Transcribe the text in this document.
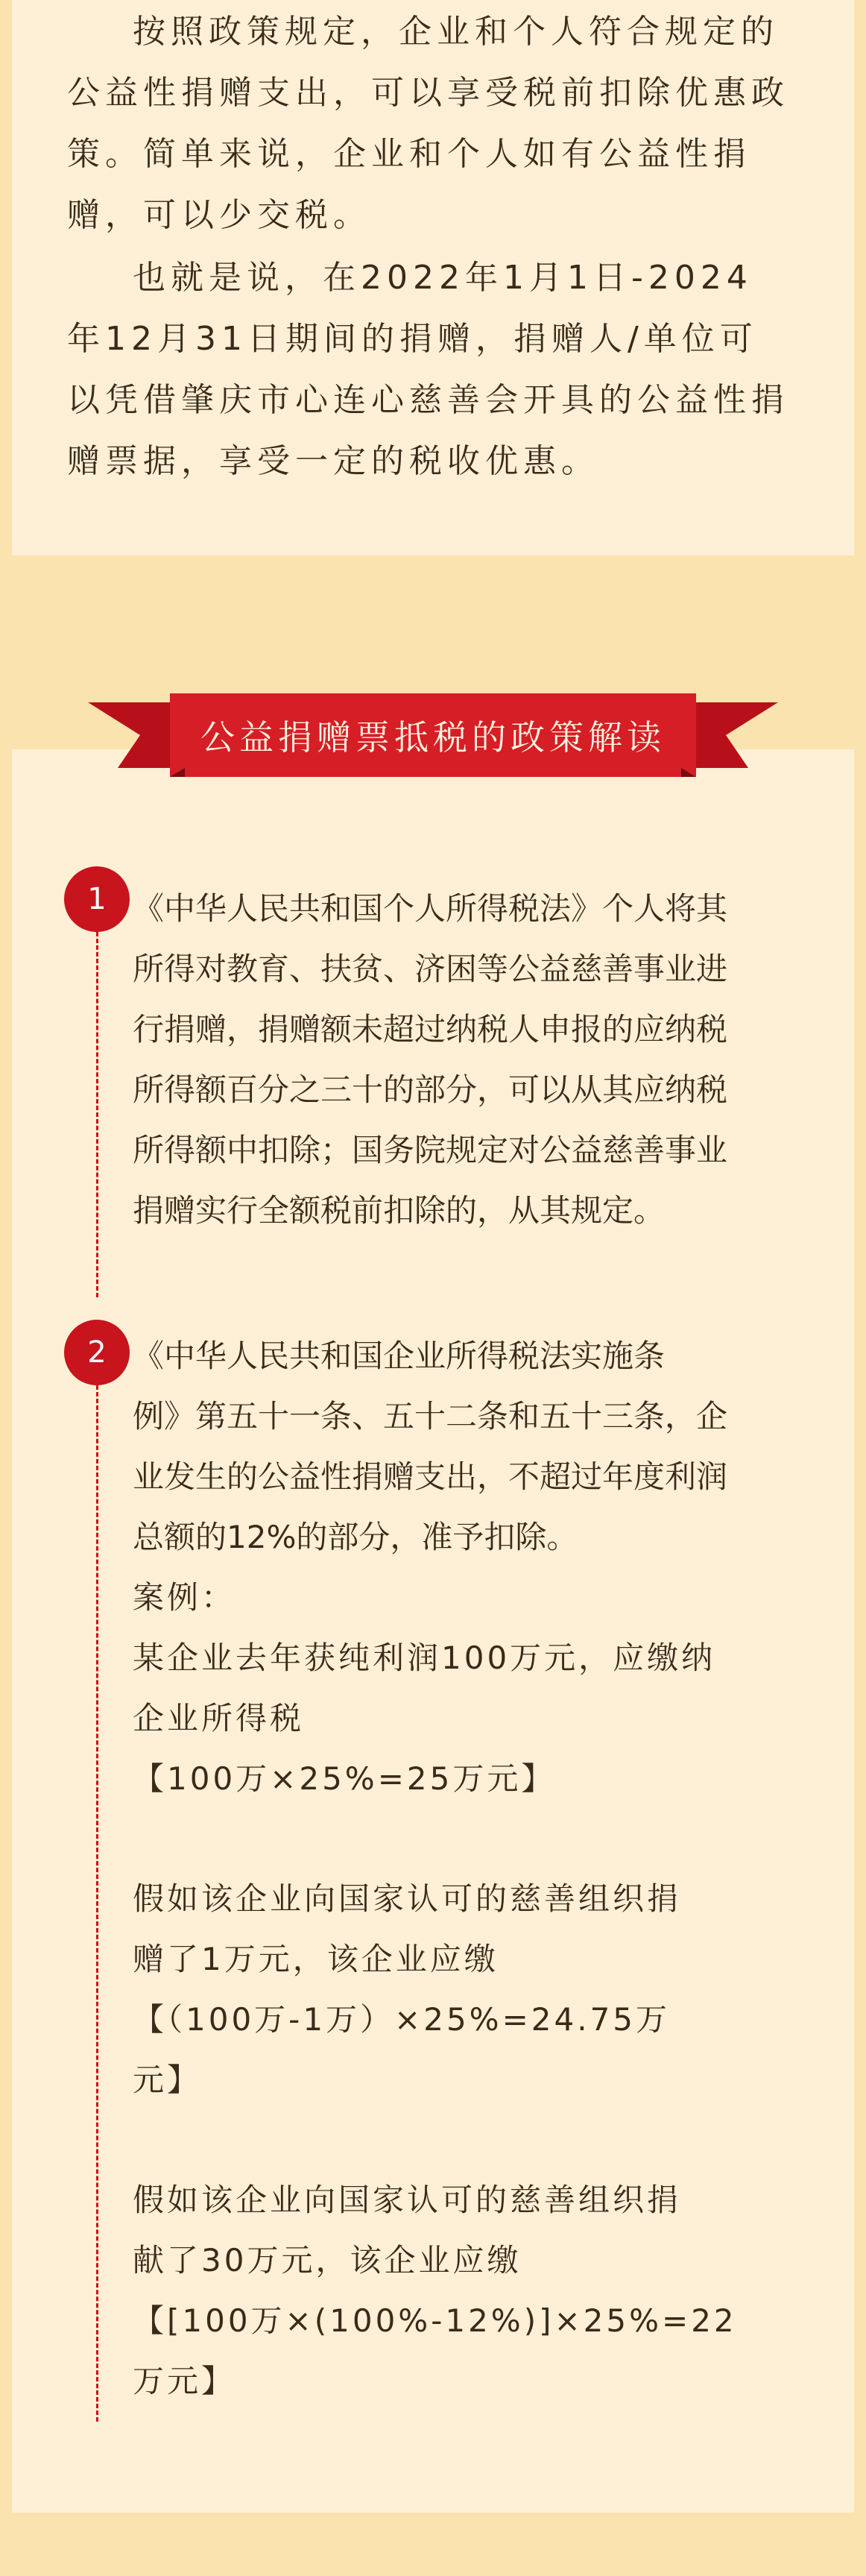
按照政策规定，企业和个人符合规定的公益性捐赠支出，可以享受税前扣除优惠政策。简单来说，企业和个人如有公益性捐赠，可以少交税。

也就是说，在2022年1月1日-2024年12月31日期间的捐赠，捐赠人/单位可以凭借肇庆市心连心慈善会开具的公益性捐赠票据，享受一定的税收优惠。

公益捐赠票抵税的政策解读
1 《中华人民共和国个人所得税法》个人将其
所得对教育、扶贫、济困等公益慈善事业进
行捐赠，捐赠额未超过纳税人申报的应纳税
所得额百分之三十的部分，可以从其应纳税
所得额中扣除；国务院规定对公益慈善事业
捐赠实行全额税前扣除的，从其规定。
2 《中华人民共和国企业所得税法实施条
例》第五十一条、五十二条和五十三条，企
业发生的公益性捐赠支出，不超过年度利润
总额的12%的部分，准予扣除。
案例：
某企业去年获纯利润100万元，应缴纳
企业所得税
【100万×25%=25万元】
假如该企业向国家认可的慈善组织捐
赠了1万元，该企业应缴
【（100万-1万）×25%=24.75万
元】
假如该企业向国家认可的慈善组织捐
献了30万元，该企业应缴
【[100万×(100%-12%)]×25%=22
万元】
